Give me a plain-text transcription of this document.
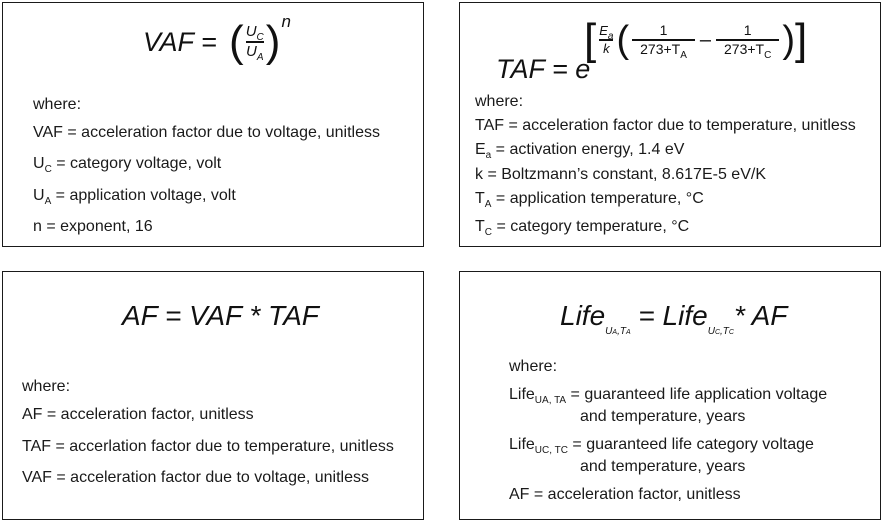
VAF = ( $\frac{U_C}{U_A}$ ) n
where:
VAF = acceleration factor due to voltage, unitless
$U_C$ = category voltage, volt
$U_A$ = application voltage, volt
n = exponent, 16
TAF = e
[ $\frac{E_a}{k}$ ( $\frac{1}{273+T_A} - \frac{1}{273+T_C}$ ) ]
where:
TAF = acceleration factor due to temperature, unitless
$E_a$ = activation energy, 1.4 eV
k = Boltzmann’s constant, 8.617E-5 eV/K
$T_A$ = application temperature, °C
$T_C$ = category temperature, °C
AF = VAF * TAF
where:
AF = acceleration factor, unitless
TAF = accerlation factor due to temperature, unitless
VAF = acceleration factor due to voltage, unitless
Life$_{UA,TA}$ = Life$_{UC,TC}$* AF
where:
Life$_{UA, TA}$ = guaranteed life application voltage
and temperature, years
Life$_{UC, TC}$ = guaranteed life category voltage
and temperature, years
AF = acceleration factor, unitless
